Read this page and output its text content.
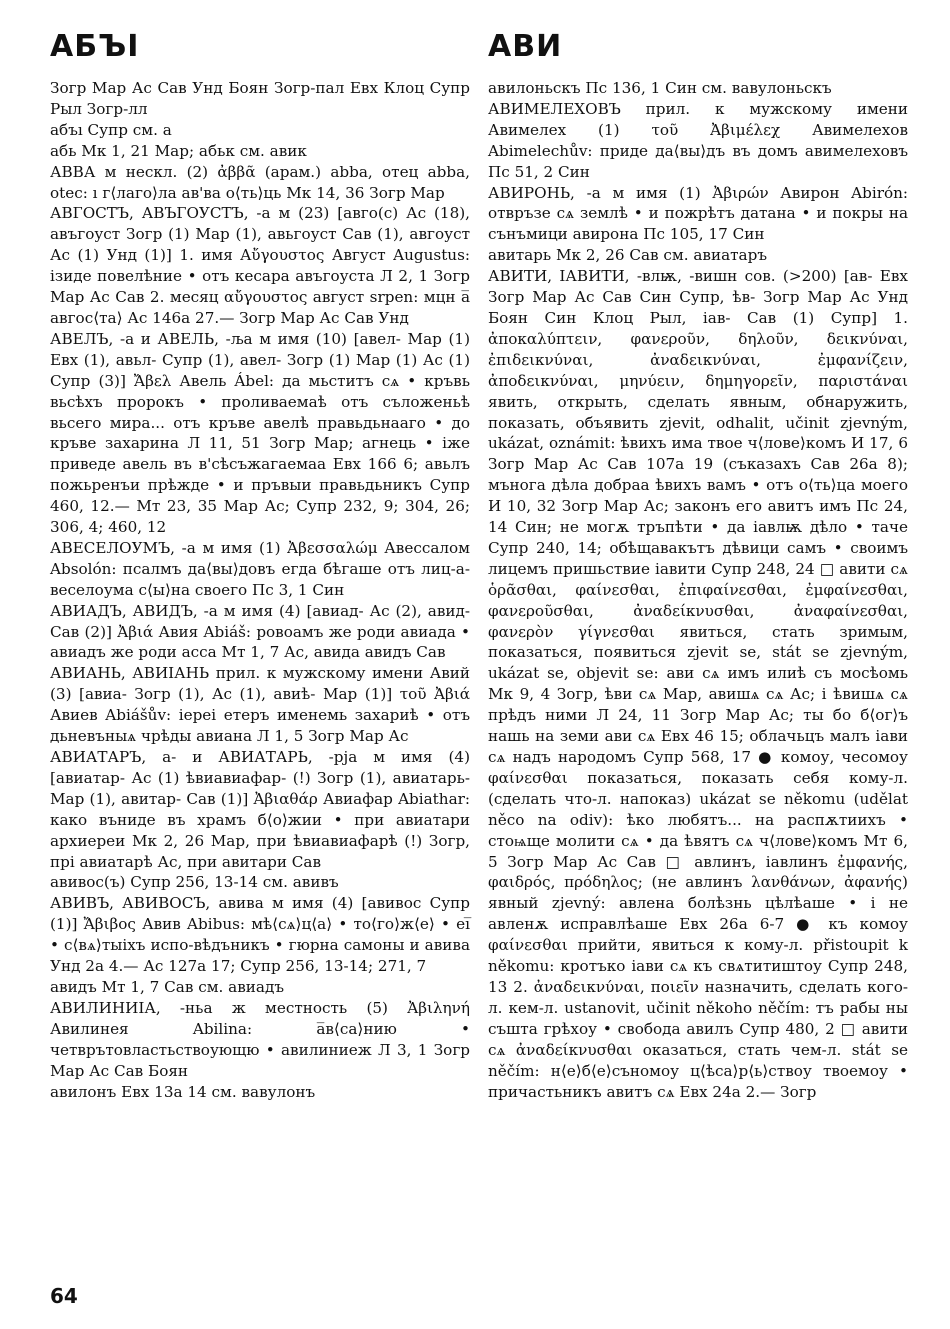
АБЪІ

Зогр Мар Ас Сав Унд Боян Зогр-пал Евх Клоц Супр Рыл Зогр-лл

абъı Супр см. а

абь Мк 1, 21 Мар; абьк см. авик

АВВА м нескл. (2) ἀββᾶ (арам.) abba, отец abba, otec: ı г⟨лаго⟩ла ав'ва о⟨ть⟩ць Мк 14, 36 Зогр Мар

АВГОСТЪ, АВЪГОУСТЪ, -а м (23) [авго(с) Ас (18), авъгоуст Зогр (1) Мар (1), авьгоуст Сав (1), авгоуст Ас (1) Унд (1)] 1. имя Αὔγουστος Август Augustus: ізиде повелѣние • отъ кесара авъгоуста Л 2, 1 Зогр Мар Ас Сав 2. месяц αὔγουστος август srpen: мцн а̅ авгос⟨та⟩ Ас 146а 27.— Зогр Мар Ас Сав Унд

АВЕЛЪ, -а и АВЕЛЬ, -ља м имя (10) [авел- Мар (1) Евх (1), авьл- Супр (1), авел- Зогр (1) Мар (1) Ас (1) Супр (3)] Ἄβελ Авель Ábel: да мьститъ сѧ • кръвь вьсѣхъ пророкъ • проливаемаѣ отъ съложеньѣ вьсего мира... отъ кръве авелѣ правьдьнааго • до кръве захарина Л 11, 51 Зогр Мар; агнець • іже приведе авель въ в'сѣсъжагаемаа Евх 166 6; авьлъ пожьренъи прѣжде • и пръвыи правьдьникъ Супр 460, 12.— Мт 23, 35 Мар Ас; Супр 232, 9; 304, 26; 306, 4; 460, 12

АВЕСЕЛОУМЪ, -а м имя (1) Ἀβεσσαλώμ Авессалом Absolón: псалмъ да⟨вы⟩довъ егда бѣгаше отъ лиц-а-веселоума с⟨ы⟩на своего Пс 3, 1 Син

АВИАДЪ, АВИДЪ, -а м имя (4) [авиад- Ас (2), авид- Сав (2)] Ἀβιά Авия Abiáš: ровоамъ же роди авиада • авиадъ же роди асса Мт 1, 7 Ас, авида авидъ Сав

АВИАНЬ, АВИІАНЬ прил. к мужскому имени Авий (3) [авиа- Зогр (1), Ас (1), авиѣ- Мар (1)] τοῦ Ἀβιά Авиев Abiášův: іереі етеръ именемь захариѣ • отъ дьневъныѧ чрѣды авиана Л 1, 5 Зогр Мар Ас

АВИАТАРЪ, а- и АВИАТАРЬ, -рја м имя (4) [авиатар- Ас (1) ѣвиавиафар- (!) Зогр (1), авиатарь- Мар (1), авитар- Сав (1)] Ἀβιαθάρ Авиафар Abiathar: како вънидe въ храмъ б⟨о⟩жии • при авиатари архиереи Мк 2, 26 Мар, при ѣвиавиафарѣ (!) Зогр, прі авиатарѣ Ас, при авитари Сав

авивос(ъ) Супр 256, 13-14 см. авивъ

АВИВЪ, АВИВОСЪ, авива м имя (4) [авивос Супр (1)] Ἄβιβος Авив Abibus: мѣ⟨сѧ⟩ц⟨а⟩ • то⟨го⟩ж⟨е⟩ • еі̅ • с⟨вѧ⟩тыіхъ испо-вѣдъникъ • гюрна самоны и авива Унд 2а 4.— Ас 127а 17; Супр 256, 13-14; 271, 7

авидъ Мт 1, 7 Сав см. авиадъ

АВИЛИНИІА, -ньа ж местность (5) Ἀβιληνή Авилинея Abilina: а̅в⟨са⟩нию • четврътовластьствоующю • авилиниеж Л 3, 1 Зогр Мар Ас Сав Боян

авилонъ Евх 13а 14 см. вавулонъ

АВИ

авилоньскъ Пс 136, 1 Син см. вавулоньскъ

АВИМЕЛЕХОВЪ прил. к мужскому имени Авимелех (1) τοῦ Ἀβιμέλεχ Авимелехов Abimelechův: приде да⟨вы⟩дъ въ домъ авимелеховъ Пс 51, 2 Син

АВИРОНЬ, -а м имя (1) Ἀβιρών Авирон Abirón: отвръзе сѧ землѣ • и пожрѣтъ датана • и покры на сънъмици авирона Пс 105, 17 Син

авитарь Мк 2, 26 Сав см. авиатаръ

АВИТИ, ІАВИТИ, -влѭ, -вишн сов. (>200) [ав- Евх Зогр Мар Ас Сав Син Супр, ѣв- Зогр Мар Ас Унд Боян Син Клоц Рыл, іав- Сав (1) Супр] 1. ἀποκαλύπτειν, φανεροῦν, δηλοῦν, δεικνύναι, ἐπιδεικνύναι, ἀναδεικνύναι, ἐμφανίζειν, ἀποδεικνύναι, μηνύειν, δημηγορεῖν, παριστάναι явить, открыть, сделать явным, обнаружить, показать, объявить zjevit, odhalit, učinit zjevným, ukázat, oznámit: ѣвихъ има твое ч⟨лове⟩комъ И 17, 6 Зогр Мар Ас Сав 107а 19 (съказахъ Сав 26а 8); мънога дѣла добраа ѣвихъ вамъ • отъ о⟨ть⟩ца моего И 10, 32 Зогр Мар Ас; законъ его авитъ имъ Пс 24, 14 Син; не могѫ тръпѣти • да іавлѭ дѣло • таче Супр 240, 14; обѣщавакътъ дѣвици самъ • своимъ лицемъ пришьствие іавити Супр 248, 24 □ авити сѧ ὁρᾶσθαι, φαίνεσθαι, ἐπιφαίνεσθαι, ἐμφαίνεσθαι, φανεροῦσθαι, ἀναδείκνυσθαι, ἀναφαίνεσθαι, φανερὸν γίγνεσθαι явиться, стать зримым, показаться, появиться zjevit se, stát se zjevným, ukázat se, objevit se: ави сѧ имъ илиѣ съ мосѣомь Мк 9, 4 Зогр, ѣви сѧ Мар, авишѧ сѧ Ас; і ѣвишѧ сѧ прѣдъ ними Л 24, 11 Зогр Мар Ас; ты бо б⟨ог⟩ъ нашь на земи ави сѧ Евх 46 15; облачьцъ малъ іави сѧ надъ народомъ Супр 568, 17 ● комоу, чесомоу φαίνεσθαι показаться, показать себя кому-л. (сделать что-л. напоказ) ukázat se někomu (udělat něco na odiv): ѣко любятъ... на распѫтиихъ • стоѩще молити сѧ • да ѣвятъ сѧ ч⟨лове⟩комъ Мт 6, 5 Зогр Мар Ас Сав □ авлинъ, іавлинъ ἐμφανής, φαιδρός, πρόδηλος; (не авлинъ λανθάνων, ἀφανής) явный zjevný: авлена болѣзнь цѣлѣаше • і не авленѫ исправлѣаше Евх 26а 6-7 ● къ комоу φαίνεσθαι прийти, явиться к кому-л. přistoupit k někomu: кротъко іави сѧ къ свѧтитиштоу Супр 248, 13 2. ἀναδεικνύναι, ποιεῖν назначить, сделать кого-л. кем-л. ustanovit, učinit někoho něčím: тъ рабы ны съшта грѣхоу • свобода авилъ Супр 480, 2 □ авити сѧ ἀναδείκνυσθαι оказаться, стать чем-л. stát se něčím: н⟨е⟩б⟨е⟩съномоу ц⟨ѣса⟩р⟨ь⟩ствоу твоемоу • причастьникъ авитъ сѧ Евх 24а 2.— Зогр

64
